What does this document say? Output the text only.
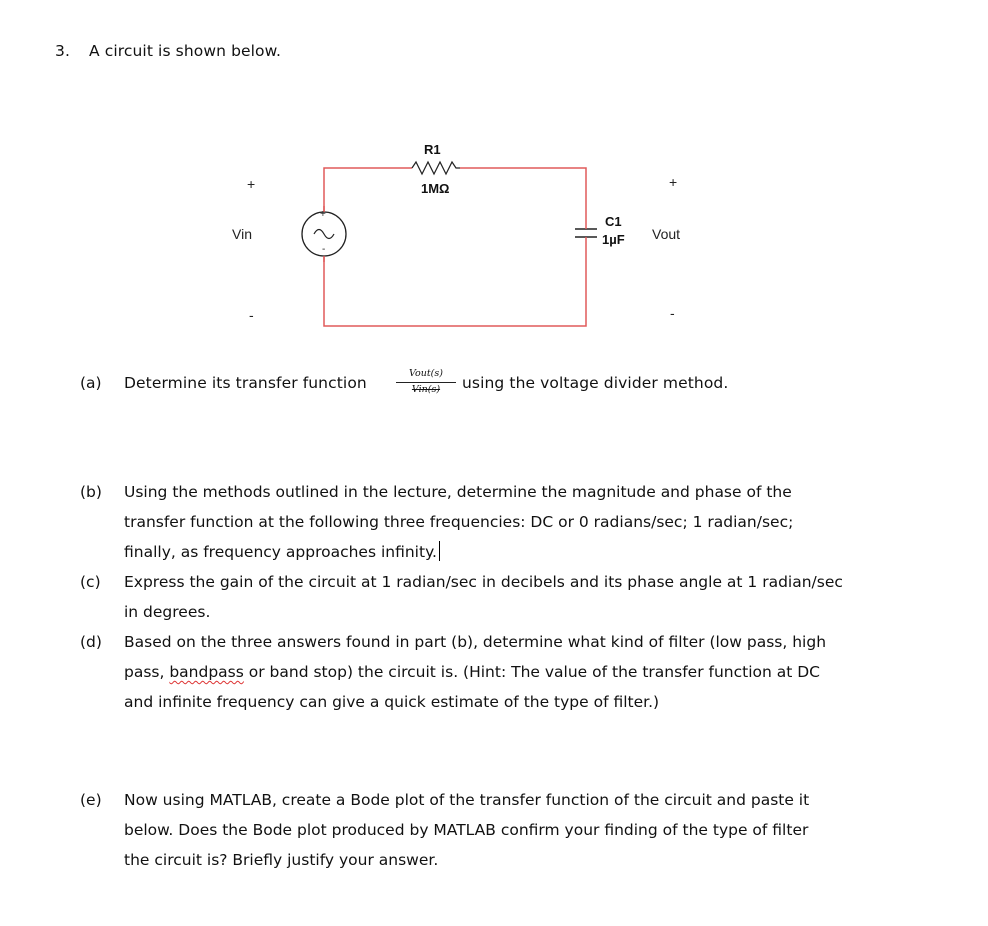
3. A circuit is shown below.
+
Vin
-
+
-
R1
1MΩ
C1
1µF
+
Vout
-
(a) Determine its transfer function
Vout(s)
Vin(s)	using the voltage divider method.
(b) Using the methods outlined in the lecture, determine the magnitude and phase of the
transfer function at the following three frequencies: DC or 0 radians/sec; 1 radian/sec;
finally, as frequency approaches infinity.
(c) Express the gain of the circuit at 1 radian/sec in decibels and its phase angle at 1 radian/sec
in degrees.
(d) Based on the three answers found in part (b), determine what kind of filter (low pass, high
pass, bandpass or band stop) the circuit is. (Hint: The value of the transfer function at DC
and infinite frequency can give a quick estimate of the type of filter.)
(e) Now using MATLAB, create a Bode plot of the transfer function of the circuit and paste it
below. Does the Bode plot produced by MATLAB confirm your finding of the type of filter
the circuit is? Briefly justify your answer.
